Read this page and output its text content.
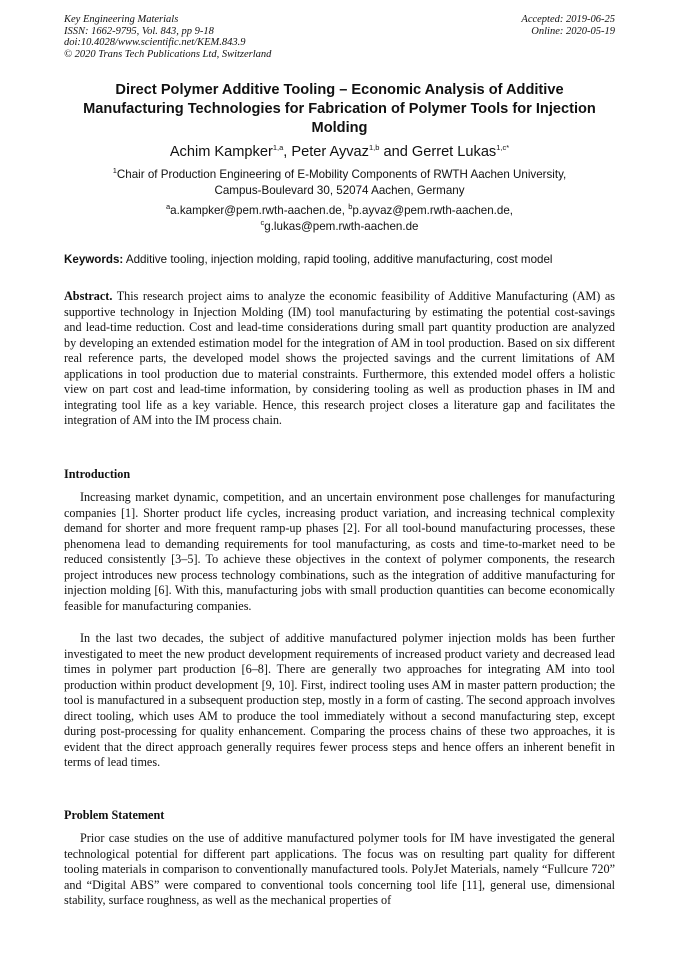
Key Engineering Materials
ISSN: 1662-9795, Vol. 843, pp 9-18
doi:10.4028/www.scientific.net/KEM.843.9
© 2020 Trans Tech Publications Ltd, Switzerland
Accepted: 2019-06-25
Online: 2020-05-19
Direct Polymer Additive Tooling – Economic Analysis of Additive Manufacturing Technologies for Fabrication of Polymer Tools for Injection Molding
Achim Kampker$^{1,a}$, Peter Ayvaz$^{1,b}$ and Gerret Lukas$^{1,c*}$
$^1$Chair of Production Engineering of E-Mobility Components of RWTH Aachen University,
Campus-Boulevard 30, 52074 Aachen, Germany
$^a$a.kampker@pem.rwth-aachen.de, $^b$p.ayvaz@pem.rwth-aachen.de,
$^c$g.lukas@pem.rwth-aachen.de
Keywords: Additive tooling, injection molding, rapid tooling, additive manufacturing, cost model

Abstract. This research project aims to analyze the economic feasibility of Additive Manufacturing (AM) as supportive technology in Injection Molding (IM) tool manufacturing by estimating the potential cost-savings and lead-time reduction. Cost and lead-time considerations during small part quantity production are analyzed by developing an extended estimation model for the integration of AM in tool production. Based on six different real reference parts, the developed model shows the projected savings and the current limitations of AM applications in tool production due to material constraints. Furthermore, this extended model offers a holistic view on part cost and lead-time information, by considering tooling as well as production phases in IM and integrating tool life as a key variable. Hence, this research project closes a literature gap and facilitates the integration of AM into the IM process chain.

Introduction

Increasing market dynamic, competition, and an uncertain environment pose challenges for manufacturing companies [1]. Shorter product life cycles, increasing product variation, and increasing technical complexity demand for shorter and more frequent ramp-up phases [2]. For all tool-bound manufacturing processes, these phenomena lead to demanding requirements for tool manufacturing, as costs and time-to-market need to be reduced consistently [3–5]. To achieve these objectives in the context of polymer components, the research project introduces new process technology combinations, such as the integration of additive manufacturing for injection molding [6]. With this, manufacturing jobs with small production quantities can become economically feasible for manufacturing companies.

In the last two decades, the subject of additive manufactured polymer injection molds has been further investigated to meet the new product development requirements of increased product variety and decreased lead times in polymer part production [6–8]. There are generally two approaches for integrating AM into tool production within product development [9, 10]. First, indirect tooling uses AM in master pattern production; the tool is manufactured in a subsequent production step, mostly in a form of casting. The second approach involves direct tooling, which uses AM to produce the tool immediately without a second manufacturing step, except during post-processing for quality enhancement. Comparing the process chains of these two approaches, it is evident that the direct approach generally requires fewer process steps and hence offers an inherent benefit in terms of lead times.

Problem Statement

Prior case studies on the use of additive manufactured polymer tools for IM have investigated the general technological potential for different part applications. The focus was on resulting part quality for different tooling materials in comparison to conventionally manufactured tools. PolyJet Materials, namely “Fullcure 720” and “Digital ABS” were compared to conventional tools concerning tool life [11], general use, dimensional stability, surface roughness, as well as the mechanical properties of
